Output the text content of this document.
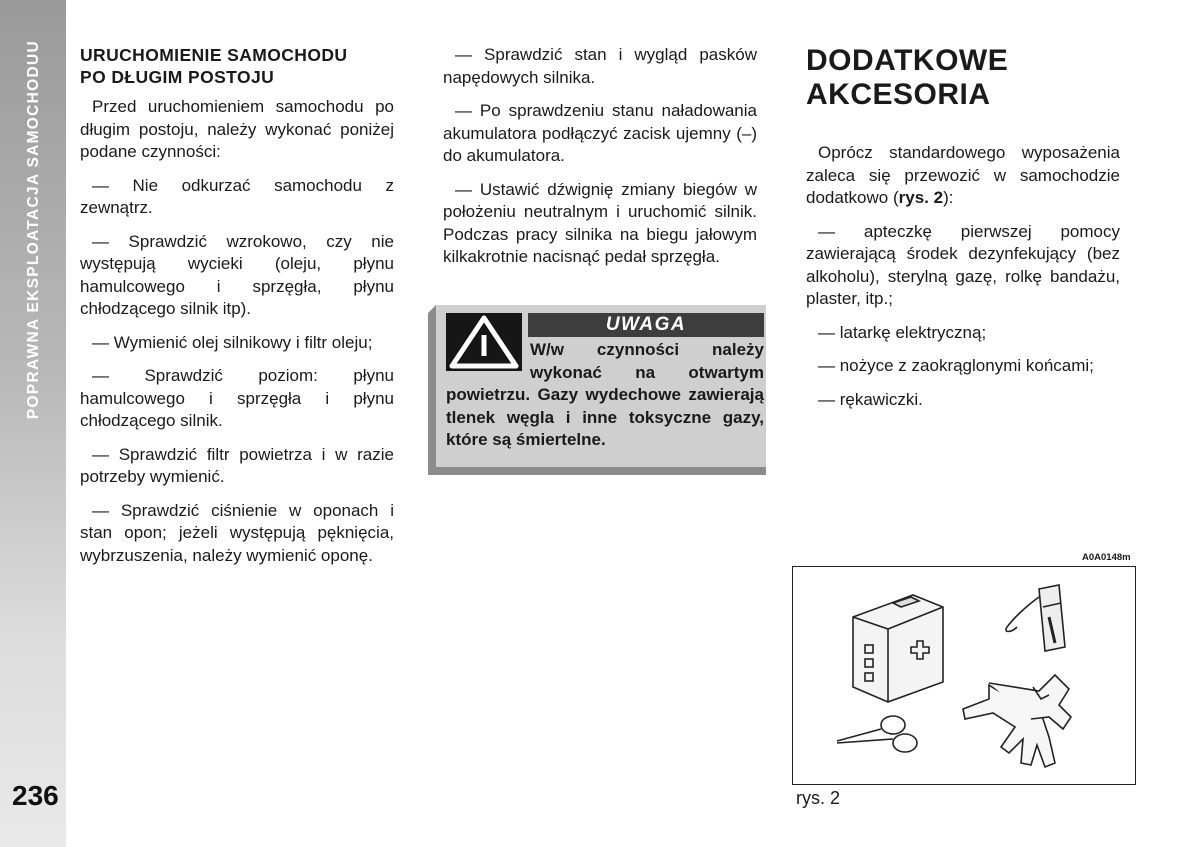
POPRAWNA EKSPLOATACJA SAMOCHODUU
236
URUCHOMIENIE SAMOCHODU
PO DŁUGIM POSTOJU

Przed uruchomieniem samochodu po długim postoju, należy wykonać poniżej podane czynności:

— Nie odkurzać samochodu z zewnątrz.

— Sprawdzić wzrokowo, czy nie występują wycieki (oleju, płynu hamulcowego i sprzęgła, płynu chłodzącego silnik itp).

— Wymienić olej silnikowy i filtr oleju;

— Sprawdzić poziom: płynu hamulcowego i sprzęgła i płynu chłodzącego silnik.

— Sprawdzić filtr powietrza i w razie potrzeby wymienić.

— Sprawdzić ciśnienie w oponach i stan opon; jeżeli występują pęknięcia, wybrzuszenia, należy wymienić oponę.

— Sprawdzić stan i wygląd pasków napędowych silnika.

— Po sprawdzeniu stanu naładowania akumulatora podłączyć zacisk ujemny (–) do akumulatora.

— Ustawić dźwignię zmiany biegów w położeniu neutralnym i uruchomić silnik. Podczas pracy silnika na biegu jałowym kilkakrotnie nacisnąć pedał sprzęgła.

UWAGA
W/w czynności należy wykonać na otwartym powietrzu. Gazy wydechowe zawierają tlenek węgla i inne toksyczne gazy, które są śmiertelne.
DODATKOWE
AKCESORIA

Oprócz standardowego wyposażenia zaleca się przewozić w samochodzie dodatkowo (rys. 2):

— apteczkę pierwszej pomocy zawierającą środek dezynfekujący (bez alkoholu), sterylną gazę, rolkę bandażu, plaster, itp.;

— latarkę elektryczną;

— nożyce z zaokrąglonymi końcami;

— rękawiczki.

A0A0148m
rys. 2
